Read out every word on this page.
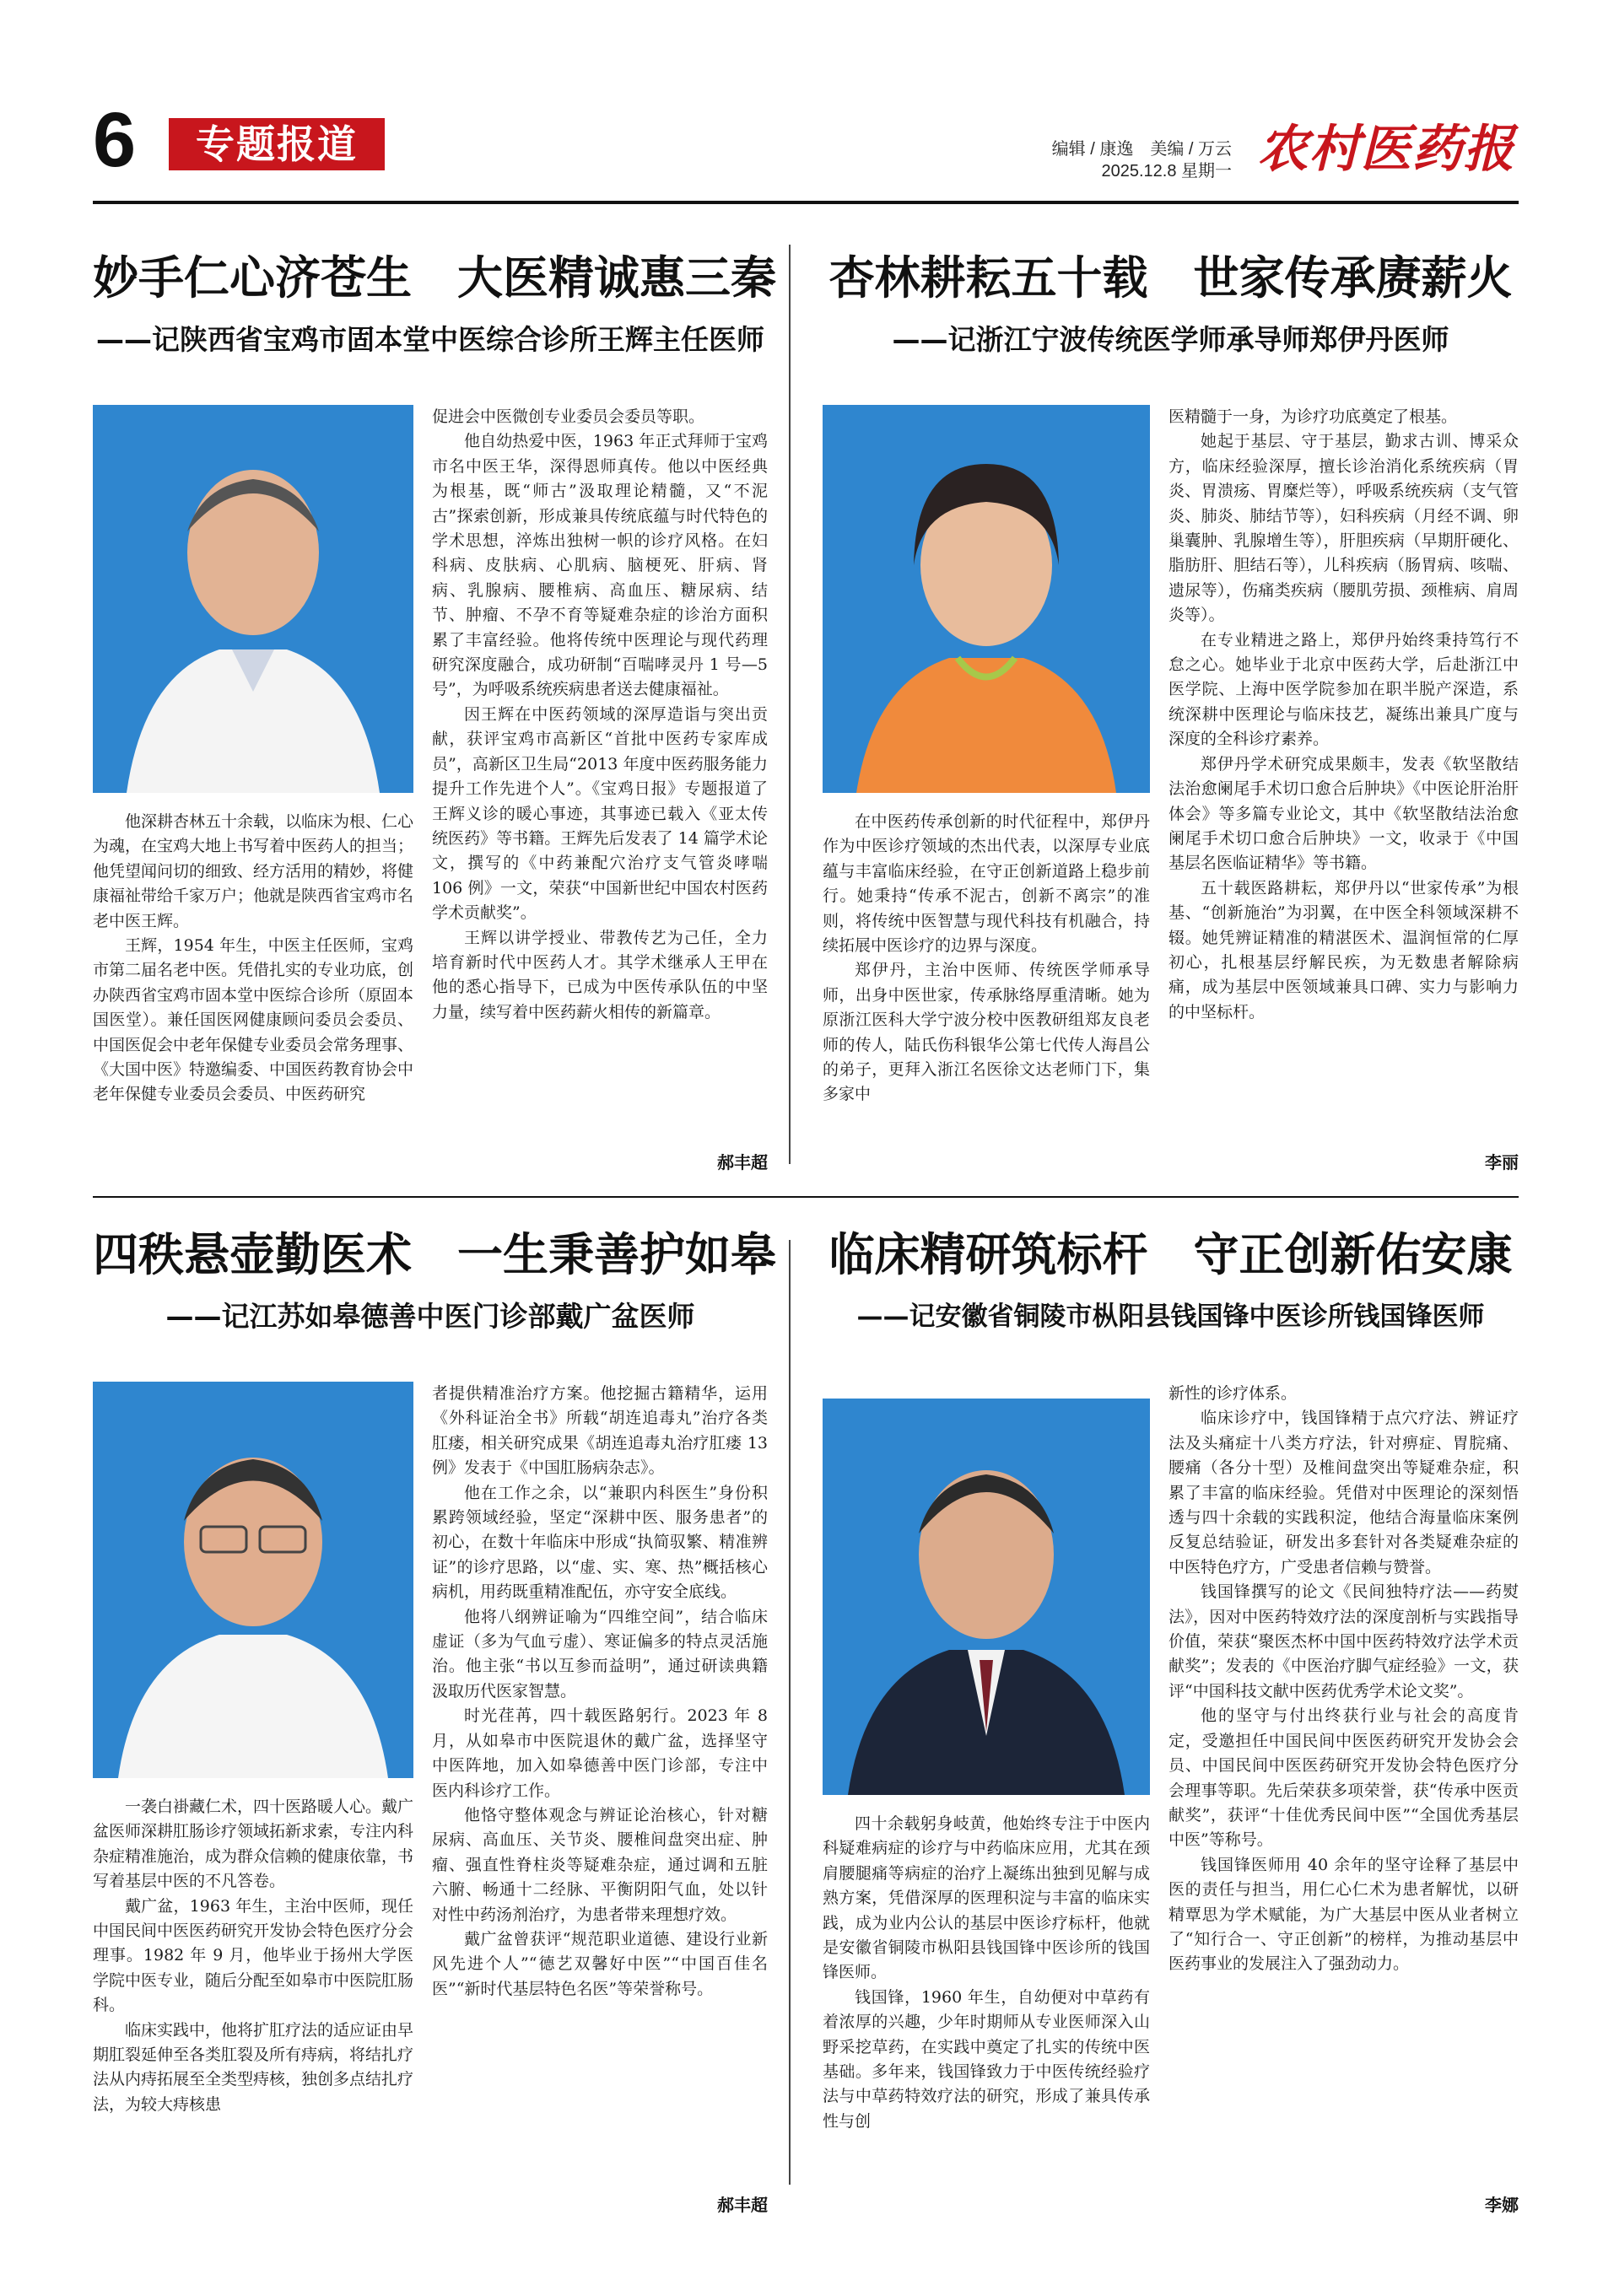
6	专题报道	编辑 / 康逸　美编 / 万云
2025.12.8 星期一 农村医药报
妙手仁心济苍生　大医精诚惠三秦
——记陕西省宝鸡市固本堂中医综合诊所王辉主任医师

他深耕杏林五十余载，以临床为根、仁心为魂，在宝鸡大地上书写着中医药人的担当；他凭望闻问切的细致、经方活用的精妙，将健康福祉带给千家万户；他就是陕西省宝鸡市名老中医王辉。

王辉，1954 年生，中医主任医师，宝鸡市第二届名老中医。凭借扎实的专业功底，创办陕西省宝鸡市固本堂中医综合诊所（原固本国医堂）。兼任国医网健康顾问委员会委员、中国医促会中老年保健专业委员会常务理事、《大国中医》特邀编委、中国医药教育协会中老年保健专业委员会委员、中医药研究

促进会中医微创专业委员会委员等职。

他自幼热爱中医，1963 年正式拜师于宝鸡市名中医王华，深得恩师真传。他以中医经典为根基，既“师古”汲取理论精髓，又“不泥古”探索创新，形成兼具传统底蕴与时代特色的学术思想，淬炼出独树一帜的诊疗风格。在妇科病、皮肤病、心肌病、脑梗死、肝病、肾病、乳腺病、腰椎病、高血压、糖尿病、结节、肿瘤、不孕不育等疑难杂症的诊治方面积累了丰富经验。他将传统中医理论与现代药理研究深度融合，成功研制“百喘哮灵丹 1 号—5 号”，为呼吸系统疾病患者送去健康福祉。

因王辉在中医药领域的深厚造诣与突出贡献，获评宝鸡市高新区“首批中医药专家库成员”，高新区卫生局“2013 年度中医药服务能力提升工作先进个人”。《宝鸡日报》专题报道了王辉义诊的暖心事迹，其事迹已载入《亚太传统医药》等书籍。王辉先后发表了 14 篇学术论文，撰写的《中药兼配穴治疗支气管炎哮喘 106 例》一文，荣获“中国新世纪中国农村医药学术贡献奖”。

王辉以讲学授业、带教传艺为己任，全力培育新时代中医药人才。其学术继承人王甲在他的悉心指导下，已成为中医传承队伍的中坚力量，续写着中医药薪火相传的新篇章。

郝丰超
杏林耕耘五十载　世家传承赓薪火
——记浙江宁波传统医学师承导师郑伊丹医师

在中医药传承创新的时代征程中，郑伊丹作为中医诊疗领域的杰出代表，以深厚专业底蕴与丰富临床经验，在守正创新道路上稳步前行。她秉持“传承不泥古，创新不离宗”的准则，将传统中医智慧与现代科技有机融合，持续拓展中医诊疗的边界与深度。

郑伊丹，主治中医师、传统医学师承导师，出身中医世家，传承脉络厚重清晰。她为原浙江医科大学宁波分校中医教研组郑友良老师的传人，陆氏伤科银华公第七代传人海昌公的弟子，更拜入浙江名医徐文达老师门下，集多家中

医精髓于一身，为诊疗功底奠定了根基。

她起于基层、守于基层，勤求古训、博采众方，临床经验深厚，擅长诊治消化系统疾病（胃炎、胃溃疡、胃糜烂等），呼吸系统疾病（支气管炎、肺炎、肺结节等），妇科疾病（月经不调、卵巢囊肿、乳腺增生等），肝胆疾病（早期肝硬化、脂肪肝、胆结石等），儿科疾病（肠胃病、咳喘、遗尿等），伤痛类疾病（腰肌劳损、颈椎病、肩周炎等）。

在专业精进之路上，郑伊丹始终秉持笃行不怠之心。她毕业于北京中医药大学，后赴浙江中医学院、上海中医学院参加在职半脱产深造，系统深耕中医理论与临床技艺，凝练出兼具广度与深度的全科诊疗素养。

郑伊丹学术研究成果颇丰，发表《软坚散结法治愈阑尾手术切口愈合后肿块》《中医论肝治肝体会》等多篇专业论文，其中《软坚散结法治愈阑尾手术切口愈合后肿块》一文，收录于《中国基层名医临证精华》等书籍。

五十载医路耕耘，郑伊丹以“世家传承”为根基、“创新施治”为羽翼，在中医全科领域深耕不辍。她凭辨证精准的精湛医术、温润恒常的仁厚初心，扎根基层纾解民疾，为无数患者解除病痛，成为基层中医领域兼具口碑、实力与影响力的中坚标杆。

李丽
四秩悬壶勤医术　一生秉善护如皋
——记江苏如皋德善中医门诊部戴广盆医师

一袭白褂藏仁术，四十医路暖人心。戴广盆医师深耕肛肠诊疗领域拓新求索，专注内科杂症精准施治，成为群众信赖的健康依靠，书写着基层中医的不凡答卷。

戴广盆，1963 年生，主治中医师，现任中国民间中医医药研究开发协会特色医疗分会理事。1982 年 9 月，他毕业于扬州大学医学院中医专业，随后分配至如皋市中医院肛肠科。

临床实践中，他将扩肛疗法的适应证由早期肛裂延伸至各类肛裂及所有痔病，将结扎疗法从内痔拓展至全类型痔核，独创多点结扎疗法，为较大痔核患

者提供精准治疗方案。他挖掘古籍精华，运用《外科证治全书》所载“胡连追毒丸”治疗各类肛瘘，相关研究成果《胡连追毒丸治疗肛瘘 13 例》发表于《中国肛肠病杂志》。

他在工作之余，以“兼职内科医生”身份积累跨领域经验，坚定“深耕中医、服务患者”的初心，在数十年临床中形成“执简驭繁、精准辨证”的诊疗思路，以“虚、实、寒、热”概括核心病机，用药既重精准配伍，亦守安全底线。

他将八纲辨证喻为“四维空间”，结合临床虚证（多为气血亏虚）、寒证偏多的特点灵活施治。他主张“书以互参而益明”，通过研读典籍汲取历代医家智慧。

时光荏苒，四十载医路躬行。2023 年 8 月，从如皋市中医院退休的戴广盆，选择坚守中医阵地，加入如皋德善中医门诊部，专注中医内科诊疗工作。

他恪守整体观念与辨证论治核心，针对糖尿病、高血压、关节炎、腰椎间盘突出症、肿瘤、强直性脊柱炎等疑难杂症，通过调和五脏六腑、畅通十二经脉、平衡阴阳气血，处以针对性中药汤剂治疗，为患者带来理想疗效。

戴广盆曾获评“规范职业道德、建设行业新风先进个人”“德艺双馨好中医”“中国百佳名医”“新时代基层特色名医”等荣誉称号。

郝丰超
临床精研筑标杆　守正创新佑安康
——记安徽省铜陵市枞阳县钱国锋中医诊所钱国锋医师

四十余载躬身岐黄，他始终专注于中医内科疑难病症的诊疗与中药临床应用，尤其在颈肩腰腿痛等病症的治疗上凝练出独到见解与成熟方案，凭借深厚的医理积淀与丰富的临床实践，成为业内公认的基层中医诊疗标杆，他就是安徽省铜陵市枞阳县钱国锋中医诊所的钱国锋医师。

钱国锋，1960 年生，自幼便对中草药有着浓厚的兴趣，少年时期师从专业医师深入山野采挖草药，在实践中奠定了扎实的传统中医基础。多年来，钱国锋致力于中医传统经验疗法与中草药特效疗法的研究，形成了兼具传承性与创

新性的诊疗体系。

临床诊疗中，钱国锋精于点穴疗法、辨证疗法及头痛症十八类方疗法，针对痹症、胃脘痛、腰痛（各分十型）及椎间盘突出等疑难杂症，积累了丰富的临床经验。凭借对中医理论的深刻悟透与四十余载的实践积淀，他结合海量临床案例反复总结验证，研发出多套针对各类疑难杂症的中医特色疗方，广受患者信赖与赞誉。

钱国锋撰写的论文《民间独特疗法——药熨法》，因对中医药特效疗法的深度剖析与实践指导价值，荣获“聚医杰杯中国中医药特效疗法学术贡献奖”；发表的《中医治疗脚气症经验》一文，获评“中国科技文献中医药优秀学术论文奖”。

他的坚守与付出终获行业与社会的高度肯定，受邀担任中国民间中医医药研究开发协会会员、中国民间中医医药研究开发协会特色医疗分会理事等职。先后荣获多项荣誉，获“传承中医贡献奖”，获评“十佳优秀民间中医”“全国优秀基层中医”等称号。

钱国锋医师用 40 余年的坚守诠释了基层中医的责任与担当，用仁心仁术为患者解忧，以研精覃思为学术赋能，为广大基层中医从业者树立了“知行合一、守正创新”的榜样，为推动基层中医药事业的发展注入了强劲动力。

李娜
